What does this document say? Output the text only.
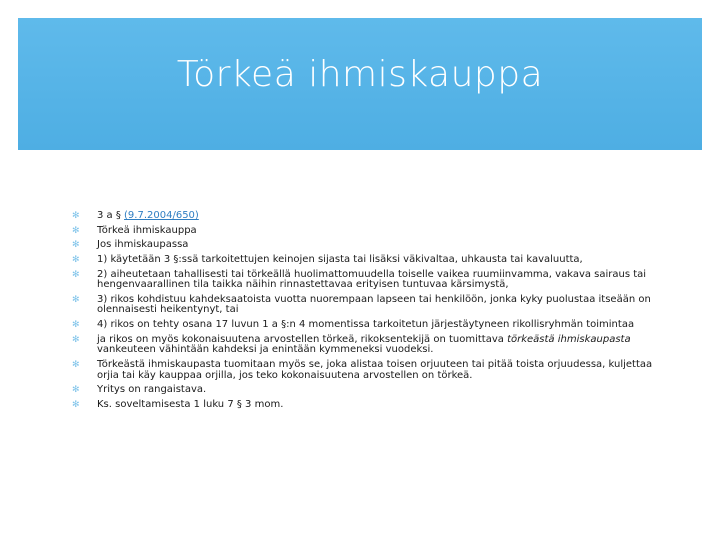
Törkeä ihmiskauppa
✻ 3 a § (9.7.2004/650)
✻ Törkeä ihmiskauppa
✻ Jos ihmiskaupassa
✻ 1) käytetään 3 §:ssä tarkoitettujen keinojen sijasta tai lisäksi väkivaltaa, uhkausta tai kavaluutta,
✻ 2) aiheutetaan tahallisesti tai törkeällä huolimattomuudella toiselle vaikea ruumiinvamma, vakava sairaus tai hengenvaarallinen tila taikka näihin rinnastettavaa erityisen tuntuvaa kärsimystä,
✻ 3) rikos kohdistuu kahdeksaatoista vuotta nuorempaan lapseen tai henkilöön, jonka kyky puolustaa itseään on olennaisesti heikentynyt, tai
✻ 4) rikos on tehty osana 17 luvun 1 a §:n 4 momentissa tarkoitetun järjestäytyneen rikollisryhmän toimintaa
✻ ja rikos on myös kokonaisuutena arvostellen törkeä, rikoksentekijä on tuomittava törkeästä ihmiskaupasta vankeuteen vähintään kahdeksi ja enintään kymmeneksi vuodeksi.
✻ Törkeästä ihmiskaupasta tuomitaan myös se, joka alistaa toisen orjuuteen tai pitää toista orjuudessa, kuljettaa orjia tai käy kauppaa orjilla, jos teko kokonaisuutena arvostellen on törkeä.
✻ Yritys on rangaistava.
✻ Ks. soveltamisesta 1 luku 7 § 3 mom.
